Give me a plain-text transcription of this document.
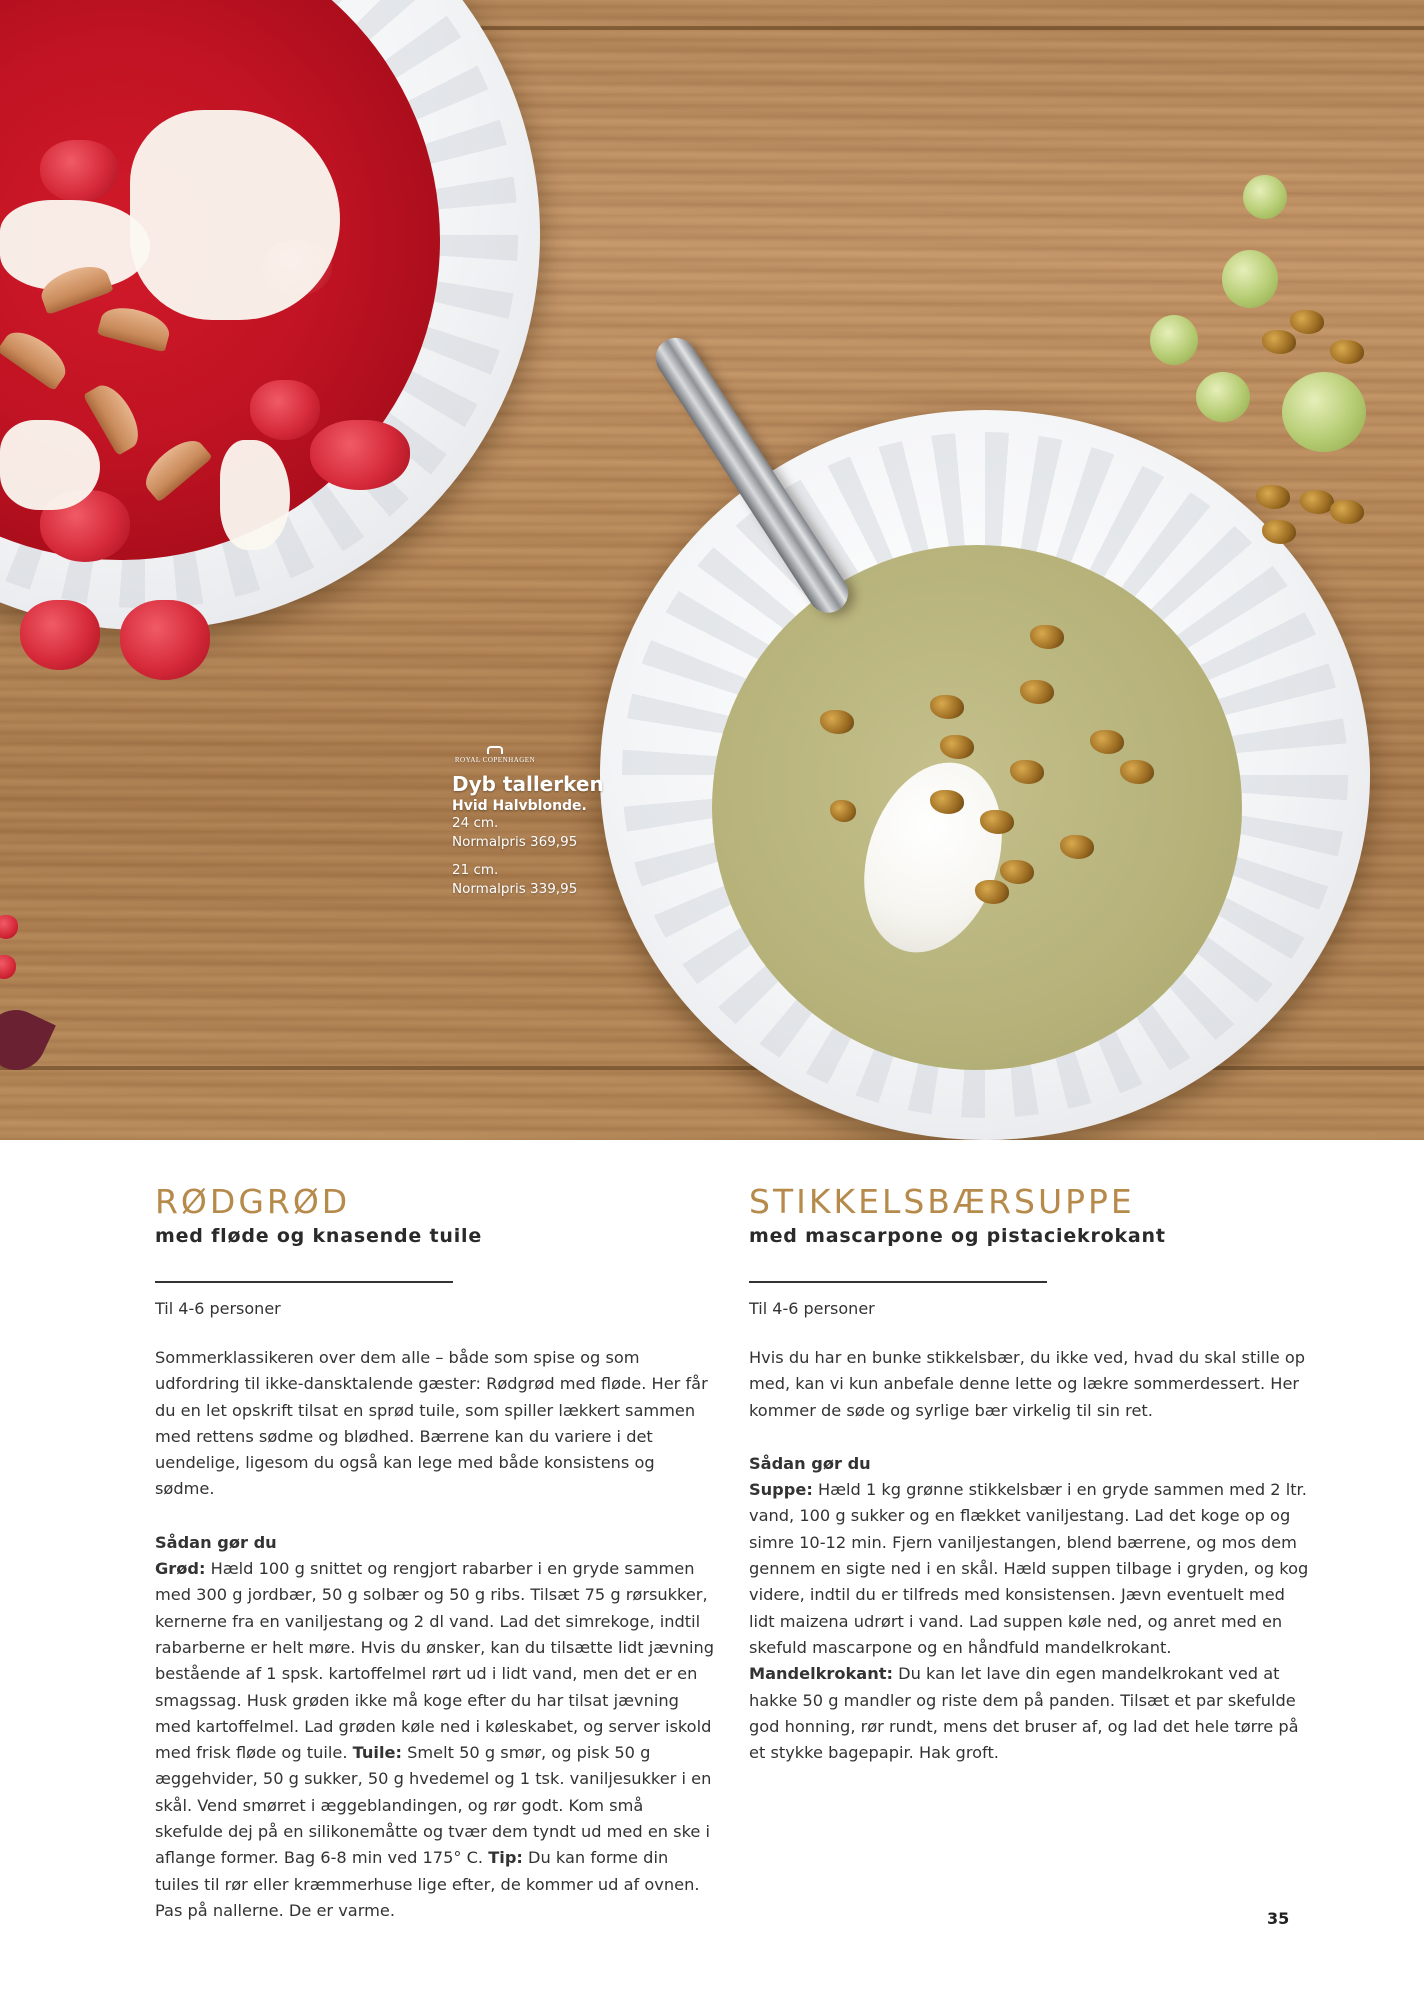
ROYAL COPENHAGEN
Dyb tallerken
Hvid Halvblonde.
24 cm.
Normalpris 369,95
21 cm.
Normalpris 339,95
RØDGRØD
med fløde og knasende tuile

Til 4-6 personer

Sommerklassikeren over dem alle – både som spise og som udfordring til ikke-dansktalende gæster: Rødgrød med fløde. Her får du en let opskrift tilsat en sprød tuile, som spiller lækkert sammen med rettens sødme og blødhed. Bærrene kan du variere i det uendelige, ligesom du også kan lege med både konsistens og sødme.

Sådan gør du

Grød: Hæld 100 g snittet og rengjort rabarber i en gryde sammen med 300 g jordbær, 50 g solbær og 50 g ribs. Tilsæt 75 g rørsukker, kernerne fra en vaniljestang og 2 dl vand. Lad det simrekoge, indtil rabarberne er helt møre. Hvis du ønsker, kan du tilsætte lidt jævning bestående af 1 spsk. kartoffelmel rørt ud i lidt vand, men det er en smagssag. Husk grøden ikke må koge efter du har tilsat jævning med kartoffelmel. Lad grøden køle ned i køleskabet, og server iskold med frisk fløde og tuile. Tuile: Smelt 50 g smør, og pisk 50 g æggehvider, 50 g sukker, 50 g hvedemel og 1 tsk. vaniljesukker i en skål. Vend smørret i æggeblandingen, og rør godt. Kom små skefulde dej på en silikonemåtte og tvær dem tyndt ud med en ske i aflange former. Bag 6-8 min ved 175° C. Tip: Du kan forme din tuiles til rør eller kræmmerhuse lige efter, de kommer ud af ovnen. Pas på nallerne. De er varme.

STIKKELSBÆRSUPPE
med mascarpone og pistaciekrokant

Til 4-6 personer

Hvis du har en bunke stikkelsbær, du ikke ved, hvad du skal stille op med, kan vi kun anbefale denne lette og lækre sommerdessert. Her kommer de søde og syrlige bær virkelig til sin ret.

Sådan gør du

Suppe: Hæld 1 kg grønne stikkelsbær i en gryde sammen med 2 ltr. vand, 100 g sukker og en flækket vaniljestang. Lad det koge op og simre 10-12 min. Fjern vaniljestangen, blend bærrene, og mos dem gennem en sigte ned i en skål. Hæld suppen tilbage i gryden, og kog videre, indtil du er tilfreds med konsistensen. Jævn eventuelt med lidt maizena udrørt i vand. Lad suppen køle ned, og anret med en skefuld mascarpone og en håndfuld mandelkrokant.
Mandelkrokant: Du kan let lave din egen mandelkrokant ved at hakke 50 g mandler og riste dem på panden. Tilsæt et par skefulde god honning, rør rundt, mens det bruser af, og lad det hele tørre på et stykke bagepapir. Hak groft.

35
